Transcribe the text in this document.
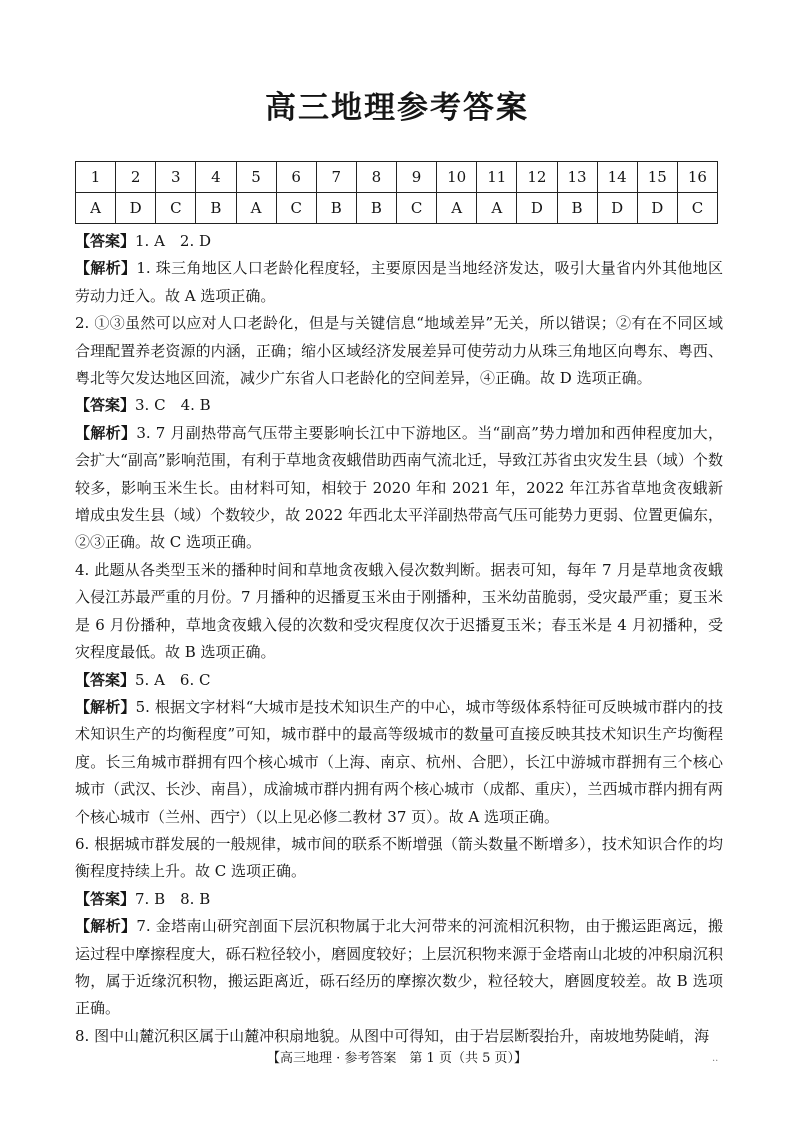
高三地理参考答案
1	2	3	4	5	6	7	8	9	10	11	12	13	14	15	16
A	D	C	B	A	C	B	B	C	A	A	D	B	D	D	C

【答案】1. A　2. D

【解析】1. 珠三角地区人口老龄化程度轻，主要原因是当地经济发达，吸引大量省内外其他地区劳动力迁入。故 A 选项正确。

2. ①③虽然可以应对人口老龄化，但是与关键信息“地域差异”无关，所以错误；②有在不同区域合理配置养老资源的内涵，正确；缩小区域经济发展差异可使劳动力从珠三角地区向粤东、粤西、粤北等欠发达地区回流，减少广东省人口老龄化的空间差异，④正确。故 D 选项正确。

【答案】3. C　4. B

【解析】3. 7 月副热带高气压带主要影响长江中下游地区。当“副高”势力增加和西伸程度加大，会扩大“副高”影响范围，有利于草地贪夜蛾借助西南气流北迁，导致江苏省虫灾发生县（域）个数较多，影响玉米生长。由材料可知，相较于 2020 年和 2021 年，2022 年江苏省草地贪夜蛾新增成虫发生县（域）个数较少，故 2022 年西北太平洋副热带高气压可能势力更弱、位置更偏东，②③正确。故 C 选项正确。

4. 此题从各类型玉米的播种时间和草地贪夜蛾入侵次数判断。据表可知，每年 7 月是草地贪夜蛾入侵江苏最严重的月份。7 月播种的迟播夏玉米由于刚播种，玉米幼苗脆弱，受灾最严重；夏玉米是 6 月份播种，草地贪夜蛾入侵的次数和受灾程度仅次于迟播夏玉米；春玉米是 4 月初播种，受灾程度最低。故 B 选项正确。

【答案】5. A　6. C

【解析】5. 根据文字材料“大城市是技术知识生产的中心，城市等级体系特征可反映城市群内的技术知识生产的均衡程度”可知，城市群中的最高等级城市的数量可直接反映其技术知识生产均衡程度。长三角城市群拥有四个核心城市（上海、南京、杭州、合肥），长江中游城市群拥有三个核心城市（武汉、长沙、南昌），成渝城市群内拥有两个核心城市（成都、重庆），兰西城市群内拥有两个核心城市（兰州、西宁）（以上见必修二教材 37 页）。故 A 选项正确。

6. 根据城市群发展的一般规律，城市间的联系不断增强（箭头数量不断增多），技术知识合作的均衡程度持续上升。故 C 选项正确。

【答案】7. B　8. B

【解析】7. 金塔南山研究剖面下层沉积物属于北大河带来的河流相沉积物，由于搬运距离远，搬运过程中摩擦程度大，砾石粒径较小，磨圆度较好；上层沉积物来源于金塔南山北坡的冲积扇沉积物，属于近缘沉积物，搬运距离近，砾石经历的摩擦次数少，粒径较大，磨圆度较差。故 B 选项正确。

8. 图中山麓沉积区属于山麓冲积扇地貌。从图中可得知，由于岩层断裂抬升，南坡地势陡峭，海

【高三地理 · 参考答案　第 1 页（共 5 页）】	..
